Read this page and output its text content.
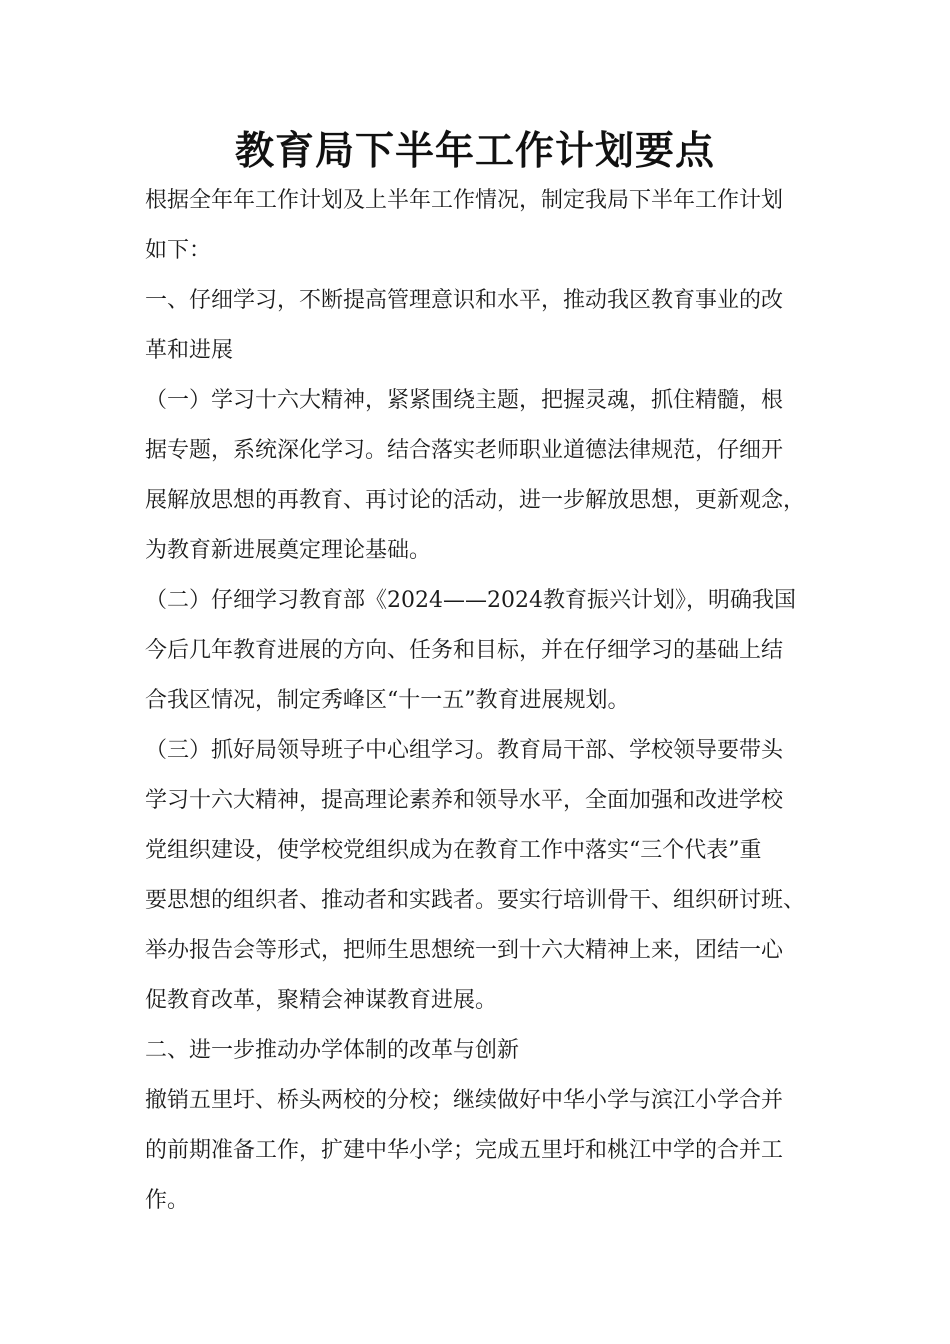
教育局下半年工作计划要点
根据全年年工作计划及上半年工作情况，制定我局下半年工作计划
如下：
一、仔细学习，不断提高管理意识和水平，推动我区教育事业的改
革和进展
（一）学习十六大精神，紧紧围绕主题，把握灵魂，抓住精髓，根
据专题，系统深化学习。结合落实老师职业道德法律规范，仔细开
展解放思想的再教育、再讨论的活动，进一步解放思想，更新观念，
为教育新进展奠定理论基础。
（二）仔细学习教育部《2024——2024教育振兴计划》，明确我国
今后几年教育进展的方向、任务和目标，并在仔细学习的基础上结
合我区情况，制定秀峰区“十一五”教育进展规划。
（三）抓好局领导班子中心组学习。教育局干部、学校领导要带头
学习十六大精神，提高理论素养和领导水平，全面加强和改进学校
党组织建设，使学校党组织成为在教育工作中落实“三个代表”重
要思想的组织者、推动者和实践者。要实行培训骨干、组织研讨班、
举办报告会等形式，把师生思想统一到十六大精神上来，团结一心
促教育改革，聚精会神谋教育进展。
二、进一步推动办学体制的改革与创新
撤销五里圩、桥头两校的分校；继续做好中华小学与滨江小学合并
的前期准备工作，扩建中华小学；完成五里圩和桃江中学的合并工
作。
